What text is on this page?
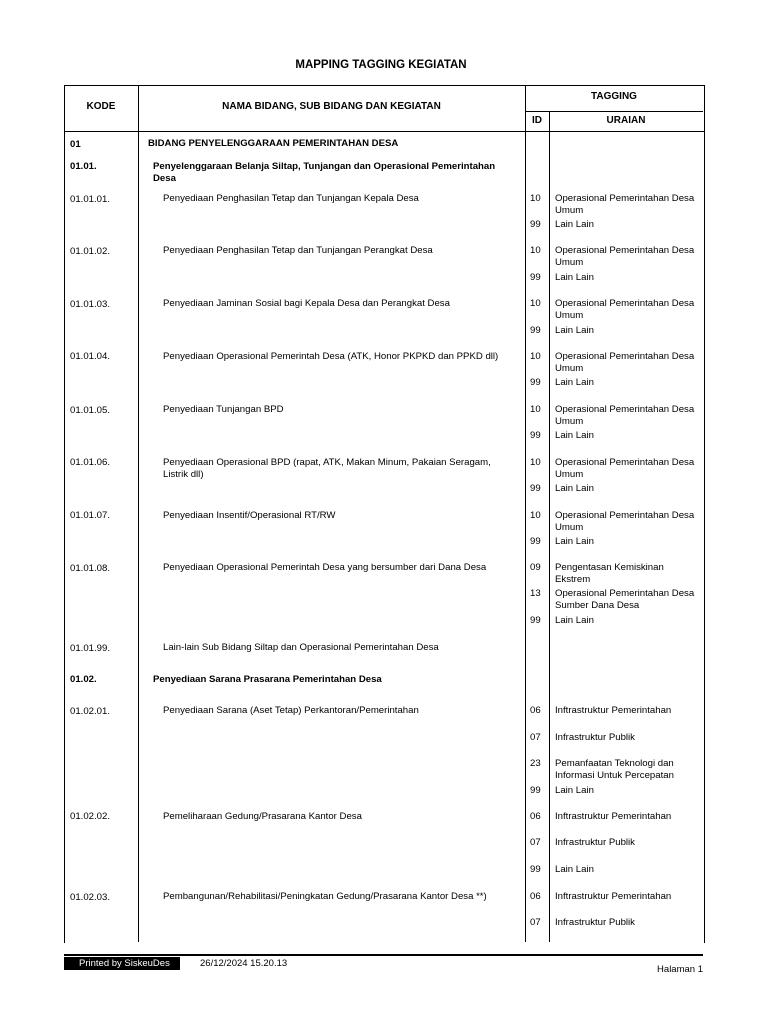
MAPPING TAGGING KEGIATAN
KODE	NAMA BIDANG, SUB BIDANG DAN KEGIATAN
TAGGING
ID	URAIAN
01	BIDANG PENYELENGGARAAN PEMERINTAHAN DESA
01.01.	Penyelenggaraan Belanja Siltap, Tunjangan dan Operasional Pemerintahan Desa
01.01.01.	Penyediaan Penghasilan Tetap dan Tunjangan Kepala Desa	10	Operasional Pemerintahan Desa Umum
99	Lain Lain
01.01.02.	Penyediaan Penghasilan Tetap dan Tunjangan Perangkat Desa	10	Operasional Pemerintahan Desa Umum
99	Lain Lain
01.01.03.	Penyediaan Jaminan Sosial bagi Kepala Desa dan Perangkat Desa	10	Operasional Pemerintahan Desa Umum
99	Lain Lain
01.01.04.	Penyediaan Operasional Pemerintah Desa (ATK, Honor PKPKD dan PPKD dll)	10	Operasional Pemerintahan Desa Umum
99	Lain Lain
01.01.05.	Penyediaan Tunjangan BPD	10	Operasional Pemerintahan Desa Umum
99	Lain Lain
01.01.06.	Penyediaan Operasional BPD (rapat, ATK, Makan Minum, Pakaian Seragam, Listrik dll)
10	Operasional Pemerintahan Desa Umum
99	Lain Lain
01.01.07.	Penyediaan Insentif/Operasional RT/RW	10	Operasional Pemerintahan Desa Umum
99	Lain Lain
01.01.08.	Penyediaan Operasional Pemerintah Desa yang bersumber dari Dana Desa	09	Pengentasan Kemiskinan Ekstrem
13	Operasional Pemerintahan Desa Sumber Dana Desa
99	Lain Lain
01.01.99.	Lain-lain Sub Bidang Siltap dan Operasional Pemerintahan Desa
01.02.	Penyediaan Sarana Prasarana Pemerintahan Desa
01.02.01.	Penyediaan Sarana (Aset Tetap) Perkantoran/Pemerintahan	06	Inftrastruktur Pemerintahan
07	Infrastruktur Publik
23	Pemanfaatan Teknologi dan Informasi Untuk Percepatan
99	Lain Lain
01.02.02.	Pemeliharaan Gedung/Prasarana Kantor Desa	06	Inftrastruktur Pemerintahan
07	Infrastruktur Publik
99	Lain Lain
01.02.03.	Pembangunan/Rehabilitasi/Peningkatan Gedung/Prasarana Kantor Desa **)	06	Inftrastruktur Pemerintahan
07	Infrastruktur Publik
Printed by SiskeuDes	26/12/2024 15.20.13
Halaman 1
